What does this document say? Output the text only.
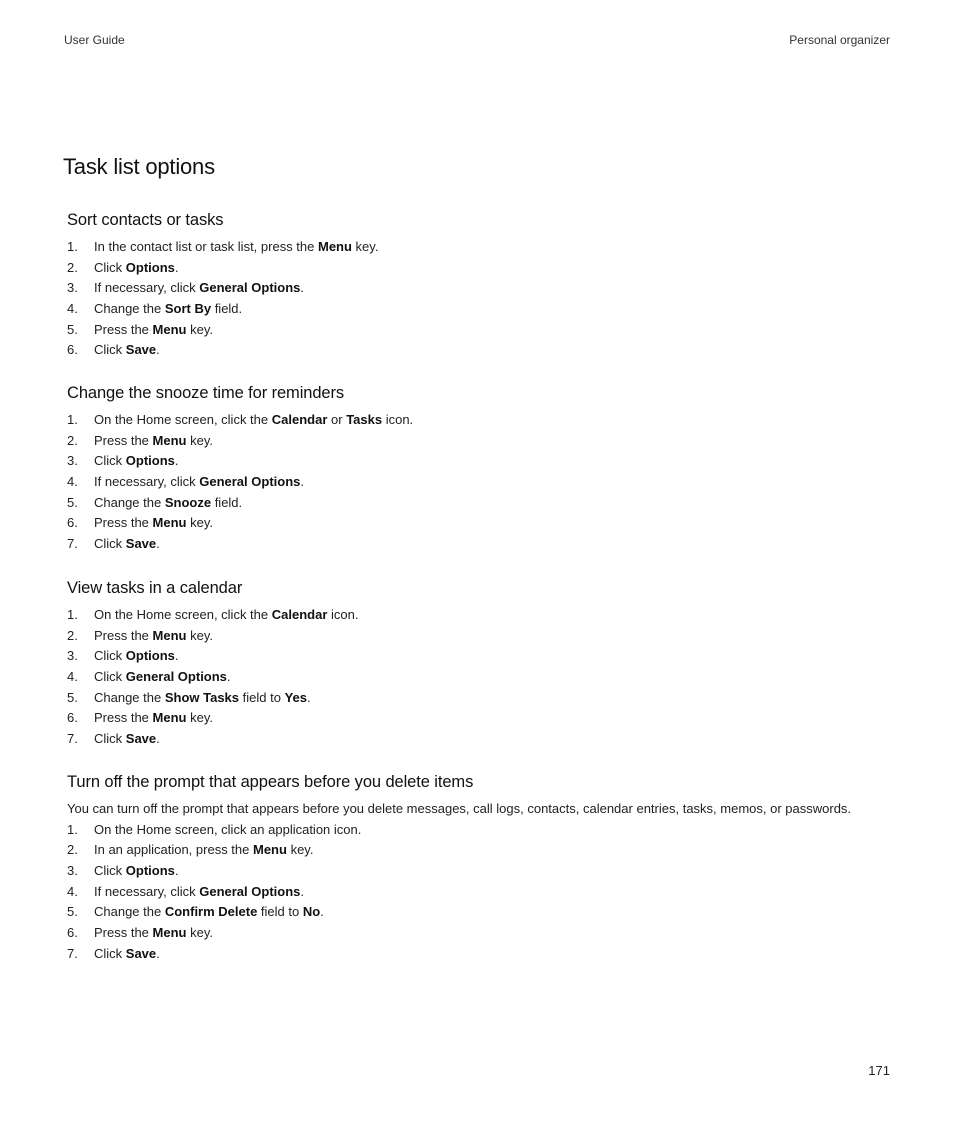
User Guide	Personal organizer
Task list options
Sort contacts or tasks
1.	In the contact list or task list, press the Menu key.
2.	Click Options.
3.	If necessary, click General Options.
4.	Change the Sort By field.
5.	Press the Menu key.
6.	Click Save.
Change the snooze time for reminders
1.	On the Home screen, click the Calendar or Tasks icon.
2.	Press the Menu key.
3.	Click Options.
4.	If necessary, click General Options.
5.	Change the Snooze field.
6.	Press the Menu key.
7.	Click Save.
View tasks in a calendar
1.	On the Home screen, click the Calendar icon.
2.	Press the Menu key.
3.	Click Options.
4.	Click General Options.
5.	Change the Show Tasks field to Yes.
6.	Press the Menu key.
7.	Click Save.
Turn off the prompt that appears before you delete items

You can turn off the prompt that appears before you delete messages, call logs, contacts, calendar entries, tasks, memos, or passwords.

1.	On the Home screen, click an application icon.
2.	In an application, press the Menu key.
3.	Click Options.
4.	If necessary, click General Options.
5.	Change the Confirm Delete field to No.
6.	Press the Menu key.
7.	Click Save.
171
